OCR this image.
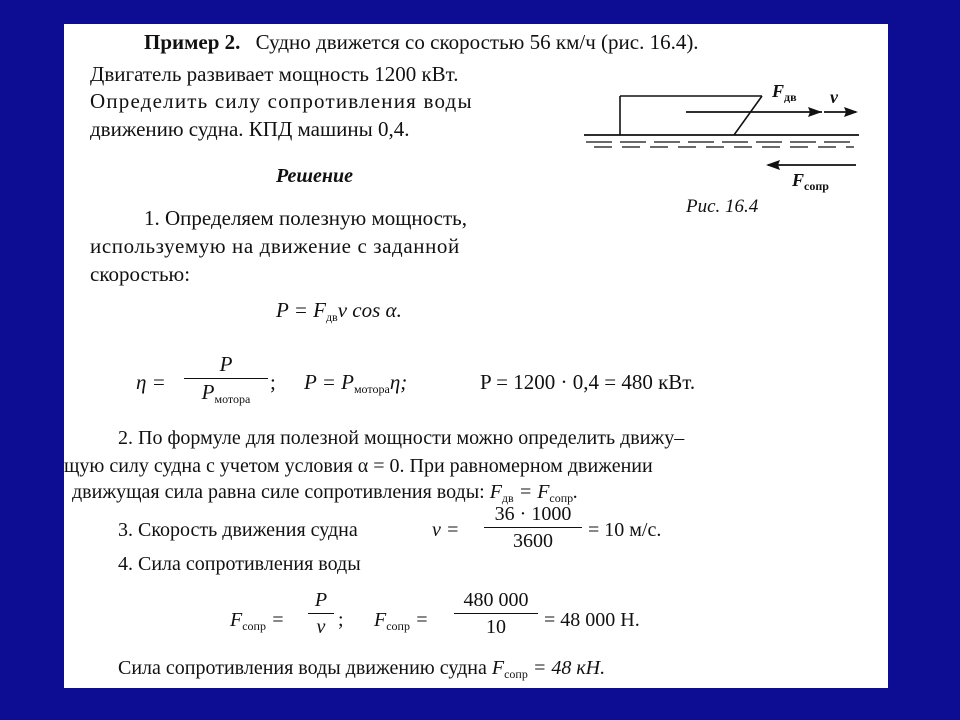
Пример 2. Судно движется со скоростью 56 км/ч (рис. 16.4).
Двигатель развивает мощность 1200 кВт.
Определить силу сопротивления воды
движению судна. КПД машины 0,4.
$F_{дв}$ v
$F_{сопр}$
Рис. 16.4
Решение
1. Определяем полезную мощность,
используемую на движение с заданной
скоростью:
$P = F_{дв}v$ cos α.
η =
P
$P_{мотора}$
; $P = P_{мотора}\eta$;	P = 1200 · 0,4 = 480 кВт.
2. По формуле для полезной мощности можно определить движу–
щую силу судна с учетом условия α = 0. При равномерном движении
движущая сила равна силе сопротивления воды: $F_{дв} = F_{сопр}$.
3. Скорость движения судна	$v = \frac{36 \cdot 1000}{3600} = 10$ м/с.
4. Сила сопротивления воды
$F_{сопр} = \frac{P}{v}$ ; $F_{сопр} = \frac{480 000}{10} = 48$ 000 Н.
Сила сопротивления воды движению судна $F_{сопр} = 48$ кН.
